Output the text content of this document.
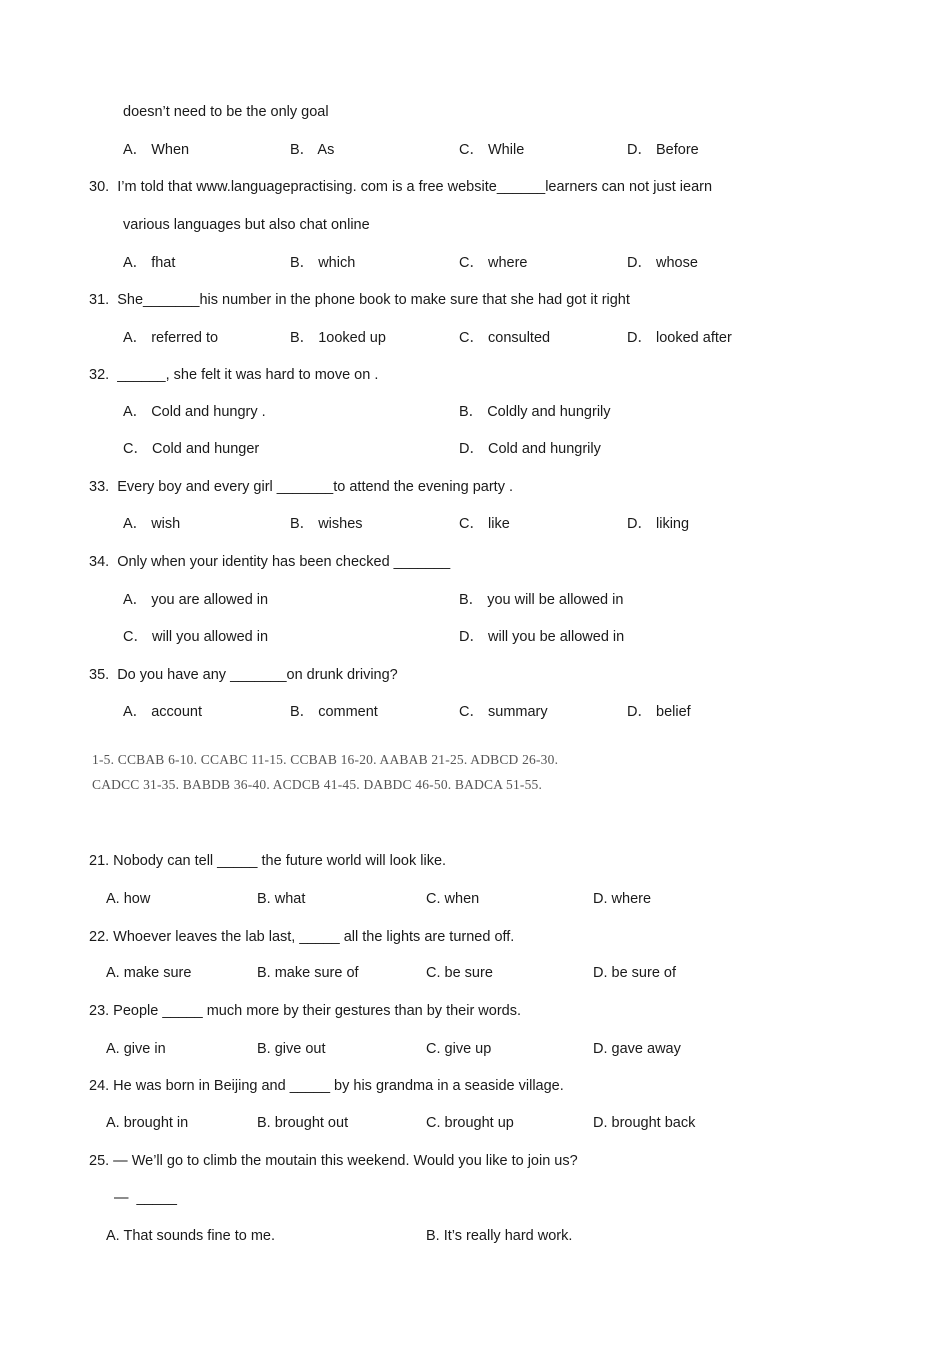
doesn’t need to be the only goal
A． When	B． As	C． While	D． Before
30.  I’m told that www.languagepractising. com is a free website______learners can not just iearn
various languages but also chat online
A． fhat	B． which	C． where	D． whose
31.  She_______his number in the phone book to make sure that she had got it right
A． referred to	B． 1ooked up	C． consulted	D． looked after
32.  ______, she felt it was hard to move on .
A． Cold and hungry .	B． Coldly and hungrily
C． Cold and hunger	D． Cold and hungrily
33.  Every boy and every girl _______to attend the evening party .
A． wish	B． wishes	C． like	D． liking
34.  Only when your identity has been checked _______
A． you are allowed in	B． you will be allowed in
C． will you allowed in	D． will you be allowed in
35.  Do you have any _______on drunk driving?
A． account	B． comment	C． summary	D． belief
1-5. CCBAB 6-10. CCABC 11-15. CCBAB 16-20. AABAB 21-25. ADBCD 26-30.
CADCC 31-35. BABDB 36-40. ACDCB 41-45. DABDC 46-50. BADCA 51-55.
21. Nobody can tell _____ the future world will look like.
A. how	B. what	C. when	D. where
22. Whoever leaves the lab last, _____ all the lights are turned off.
A. make sure	B. make sure of	C. be sure	D. be sure of
23. People _____ much more by their gestures than by their words.
A. give in	B. give out	C. give up	D. gave away
24. He was born in Beijing and _____ by his grandma in a seaside village.
A. brought in	B. brought out	C. brought up	D. brought back
25. — We’ll go to climb the moutain this weekend. Would you like to join us?
—  _____
A. That sounds fine to me.	B. It’s really hard work.
